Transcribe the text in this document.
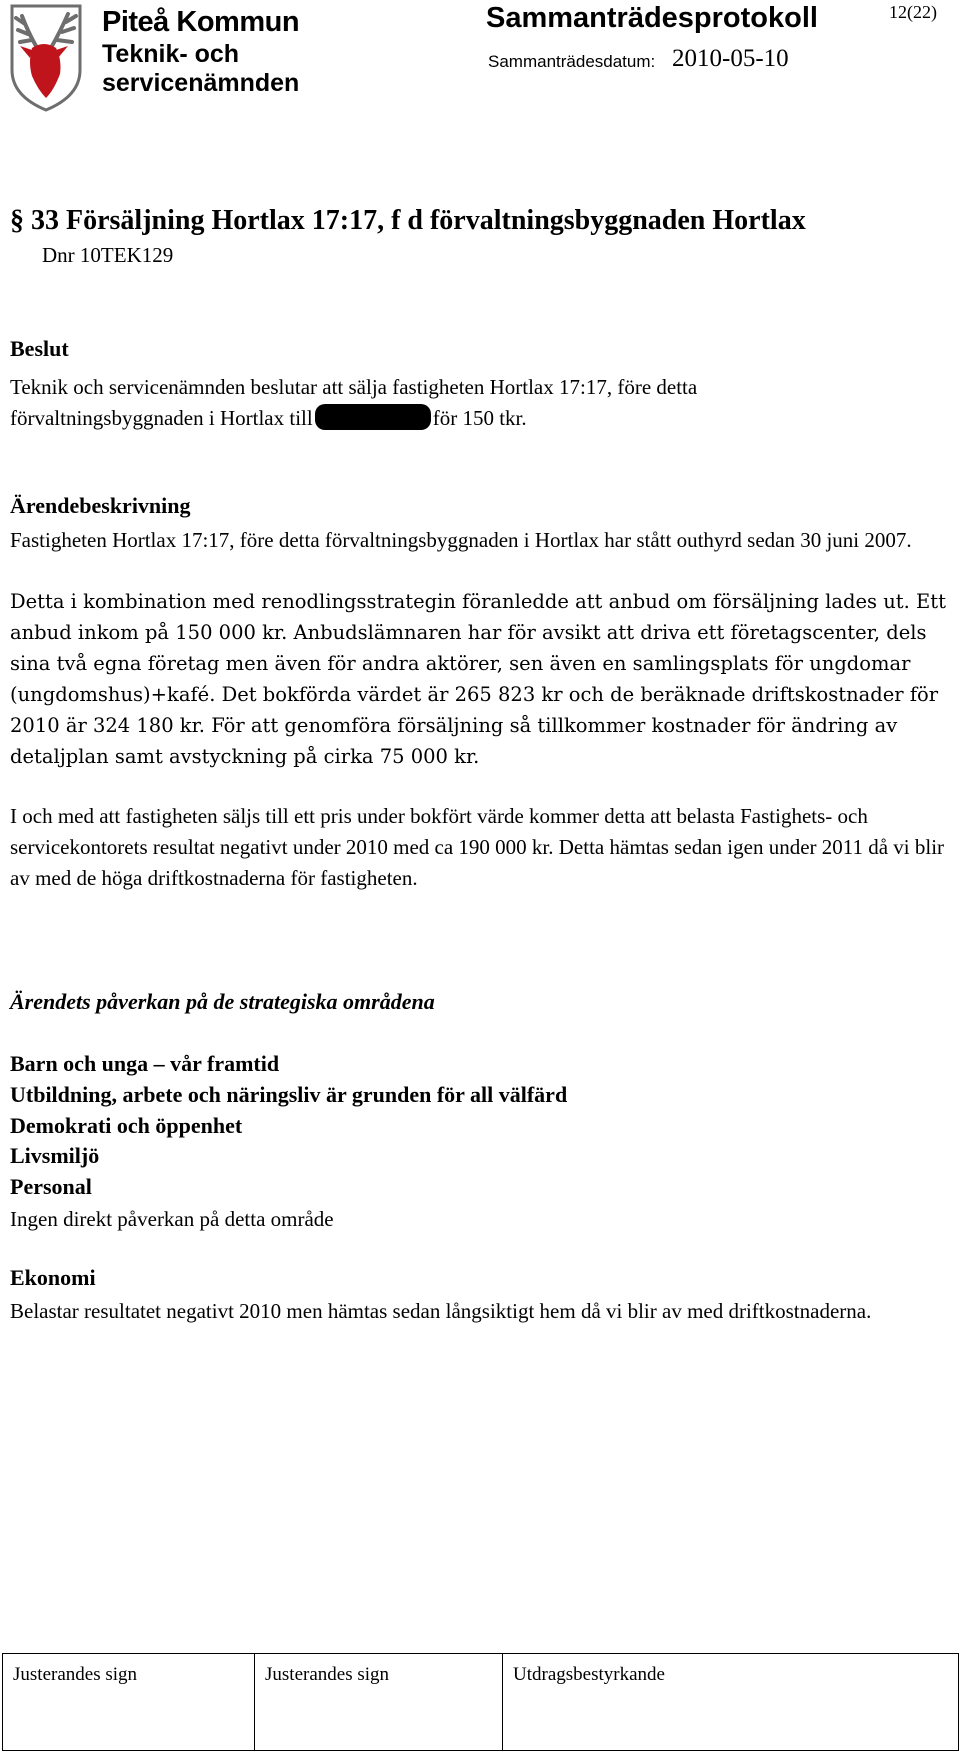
Piteå Kommun
Teknik- och servicenämnden
Sammanträdesprotokoll	12(22)
Sammanträdesdatum: 2010-05-10
§ 33 Försäljning Hortlax 17:17, f d förvaltningsbyggnaden Hortlax
Dnr 10TEK129
Beslut
Teknik och servicenämnden beslutar att sälja fastigheten Hortlax 17:17, före detta
förvaltningsbyggnaden i Hortlax till	för 150 tkr.
Ärendebeskrivning
Fastigheten Hortlax 17:17, före detta förvaltningsbyggnaden i Hortlax har stått outhyrd sedan 30 juni 2007.
Detta i kombination med renodlingsstrategin föranledde att anbud om försäljning lades ut. Ett anbud inkom på 150 000 kr. Anbudslämnaren har för avsikt att driva ett företagscenter, dels sina två egna företag men även för andra aktörer, sen även en samlingsplats för ungdomar (ungdomshus)+kafé. Det bokförda värdet är 265 823 kr och de beräknade driftskostnader för 2010 är 324 180 kr. För att genomföra försäljning så tillkommer kostnader för ändring av detaljplan samt avstyckning på cirka 75 000 kr.
I och med att fastigheten säljs till ett pris under bokfört värde kommer detta att belasta Fastighets- och servicekontorets resultat negativt under 2010 med ca 190 000 kr. Detta hämtas sedan igen under 2011 då vi blir av med de höga driftkostnaderna för fastigheten.
Ärendets påverkan på de strategiska områdena
Barn och unga – vår framtid
Utbildning, arbete och näringsliv är grunden för all välfärd
Demokrati och öppenhet
Livsmiljö
Personal
Ingen direkt påverkan på detta område
Ekonomi
Belastar resultatet negativt 2010 men hämtas sedan långsiktigt hem då vi blir av med driftkostnaderna.
Justerandes sign	Justerandes sign	Utdragsbestyrkande
